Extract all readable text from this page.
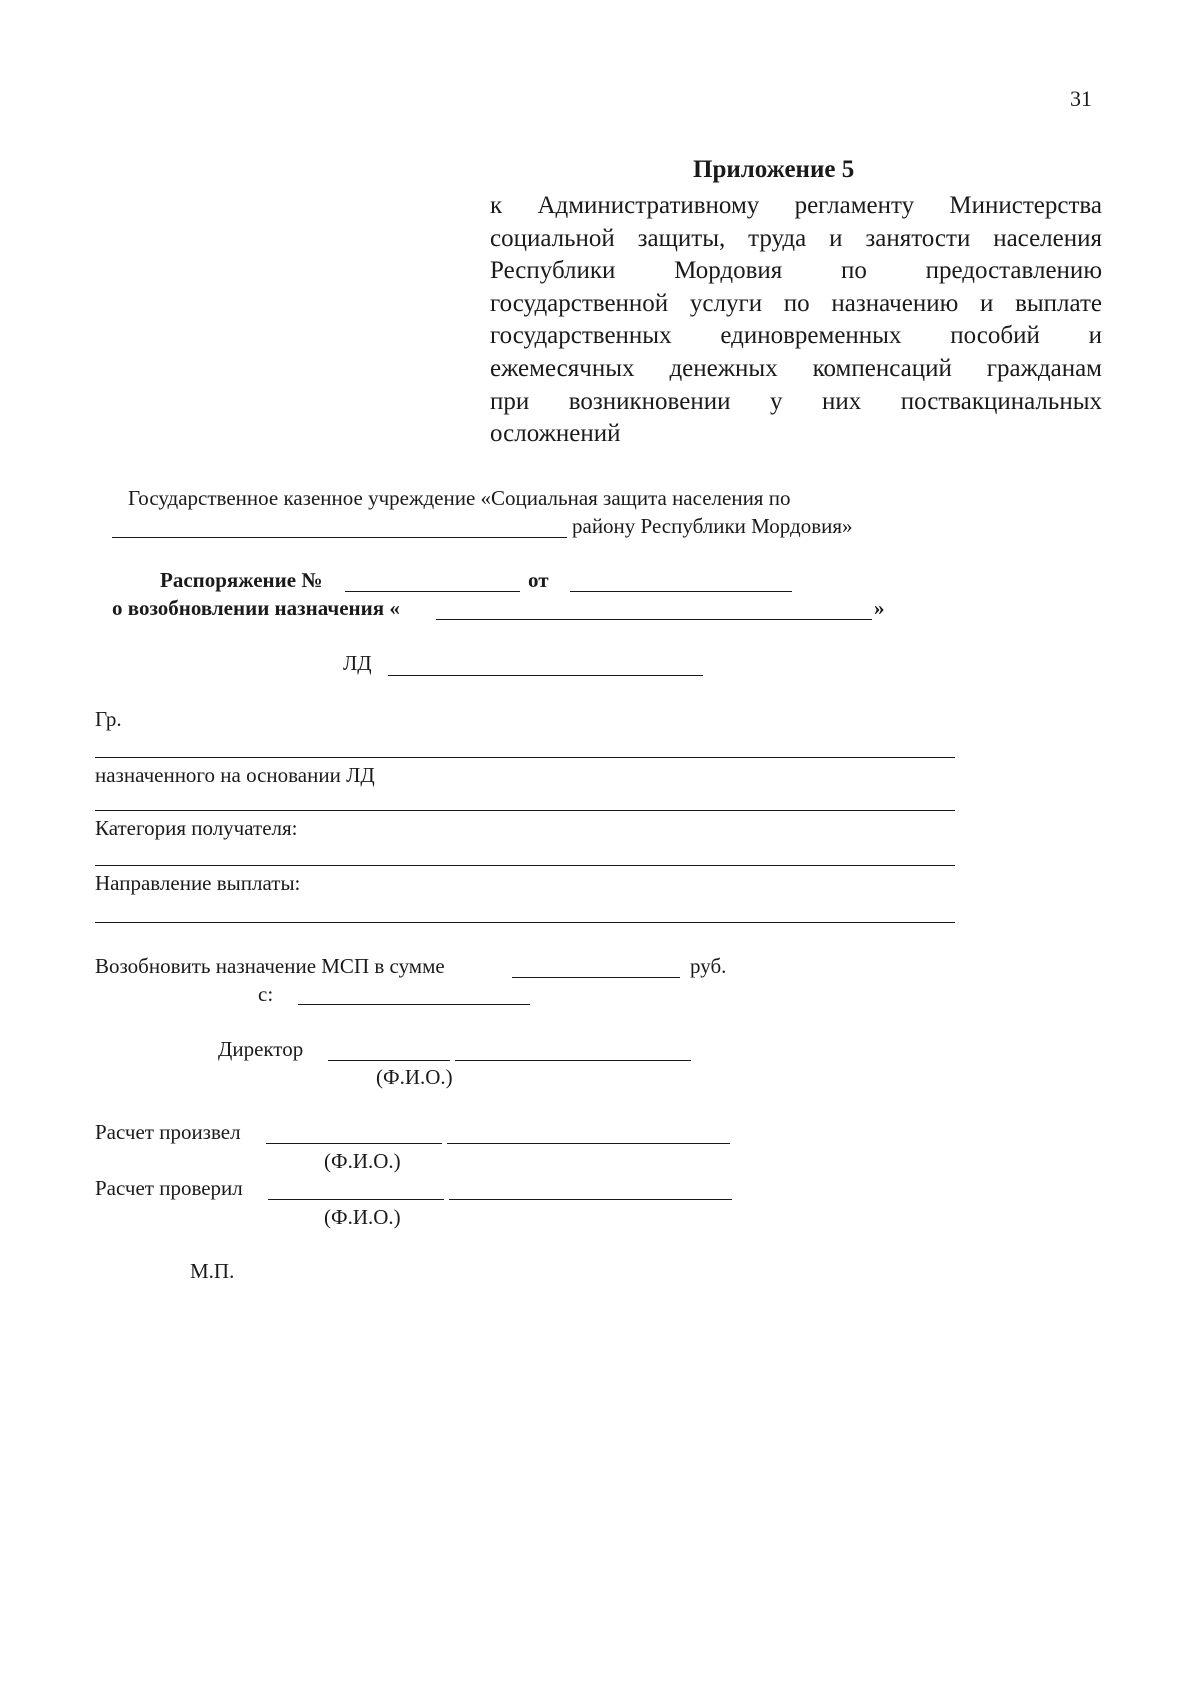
31
Приложение 5
к Административному регламенту Министерства
социальной защиты, труда и занятости населения
Республики Мордовия по предоставлению
государственной услуги по назначению и выплате
государственных единовременных пособий и
ежемесячных денежных компенсаций гражданам
при возникновении у них поствакцинальных
осложнений
Государственное казенное учреждение «Социальная защита населения по
району Республики Мордовия»
Распоряжение №	от
о возобновлении назначения «	»
ЛД
Гр.
назначенного на основании ЛД
Категория получателя:
Направление выплаты:
Возобновить назначение МСП в сумме	руб.
с:
Директор
(Ф.И.О.)
Расчет произвел
(Ф.И.О.)
Расчет проверил
(Ф.И.О.)
М.П.
